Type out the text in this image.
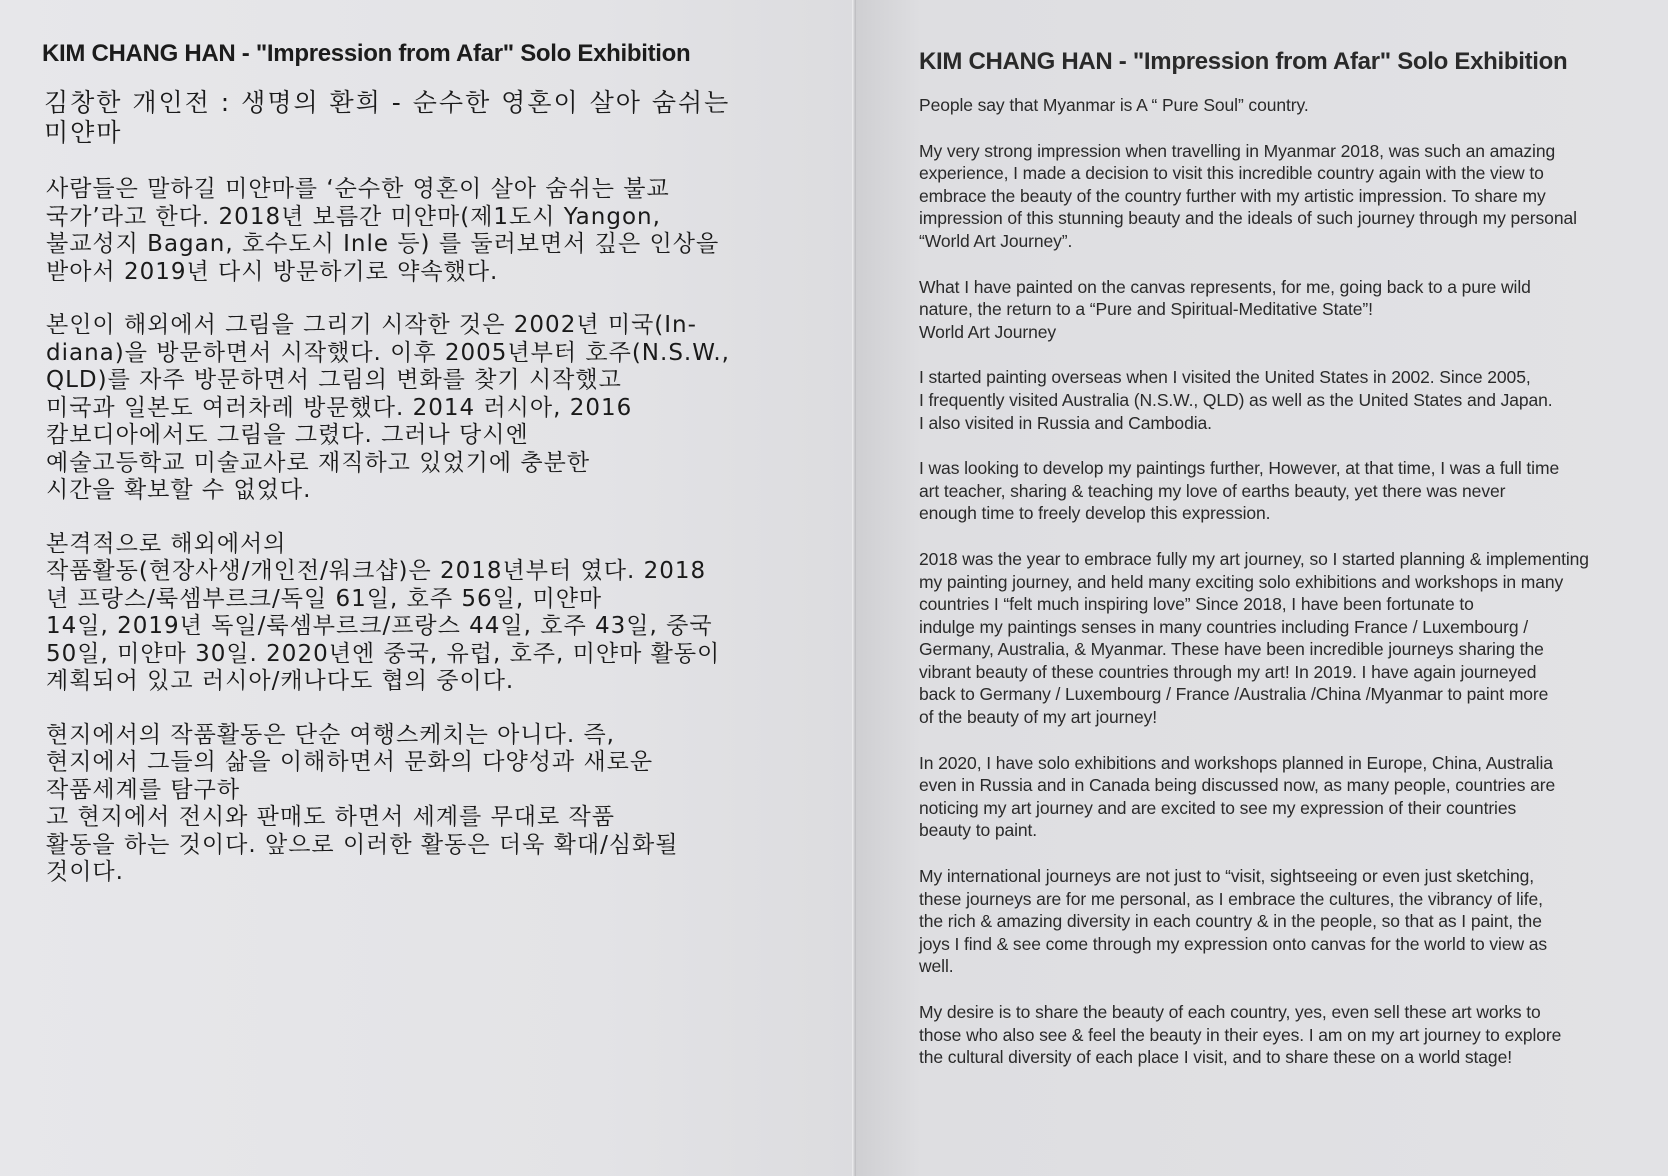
KIM CHANG HAN - "Impression from Afar" Solo Exhibition
김창한 개인전 : 생명의 환희 - 순수한 영혼이 살아 숨쉬는
미얀마
사람들은 말하길 미얀마를 ‘순수한 영혼이 살아 숨쉬는 불교
국가’라고 한다. 2018년 보름간 미얀마(제1도시 Yangon,
불교성지 Bagan, 호수도시 Inle 등) 를 둘러보면서 깊은 인상을
받아서 2019년 다시 방문하기로 약속했다.
본인이 해외에서 그림을 그리기 시작한 것은 2002년 미국(In-
diana)을 방문하면서 시작했다. 이후 2005년부터 호주(N.S.W.,
QLD)를 자주 방문하면서 그림의 변화를 찾기 시작했고
미국과 일본도 여러차레 방문했다. 2014 러시아, 2016
캄보디아에서도 그림을 그렸다. 그러나 당시엔
예술고등학교 미술교사로 재직하고 있었기에 충분한
시간을 확보할 수 없었다.
본격적으로 해외에서의
작품활동(현장사생/개인전/워크샵)은 2018년부터 였다. 2018
년 프랑스/룩셈부르크/독일 61일, 호주 56일, 미얀마
14일, 2019년 독일/룩셈부르크/프랑스 44일, 호주 43일, 중국
50일, 미얀마 30일. 2020년엔 중국, 유럽, 호주, 미얀마 활동이
계획되어 있고 러시아/캐나다도 협의 중이다.
현지에서의 작품활동은 단순 여행스케치는 아니다. 즉,
현지에서 그들의 삶을 이해하면서 문화의 다양성과 새로운
작품세계를 탐구하
고 현지에서 전시와 판매도 하면서 세계를 무대로 작품
활동을 하는 것이다. 앞으로 이러한 활동은 더욱 확대/심화될
것이다.
KIM CHANG HAN - "Impression from Afar" Solo Exhibition
People say that Myanmar is A “ Pure Soul” country.
My very strong impression when travelling in Myanmar 2018, was such an amazing
experience, I made a decision to visit this incredible country again with the view to
embrace the beauty of the country further with my artistic impression. To share my
impression of this stunning beauty and the ideals of such journey through my personal
“World Art Journey”.
What I have painted on the canvas represents, for me, going back to a pure wild
nature, the return to a “Pure and Spiritual-Meditative State”!
World Art Journey
I started painting overseas when I visited the United States in 2002. Since 2005,
I frequently visited Australia (N.S.W., QLD) as well as the United States and Japan.
I also visited in Russia and Cambodia.
I was looking to develop my paintings further, However, at that time, I was a full time
art teacher, sharing & teaching my love of earths beauty, yet there was never
enough time to freely develop this expression.
2018 was the year to embrace fully my art journey, so I started planning & implementing
my painting journey, and held many exciting solo exhibitions and workshops in many
countries I “felt much inspiring love” Since 2018, I have been fortunate to
indulge my paintings senses in many countries including France / Luxembourg /
Germany, Australia, & Myanmar. These have been incredible journeys sharing the
vibrant beauty of these countries through my art! In 2019. I have again journeyed
back to Germany / Luxembourg / France /Australia /China /Myanmar to paint more
of the beauty of my art journey!
In 2020, I have solo exhibitions and workshops planned in Europe, China, Australia
even in Russia and in Canada being discussed now, as many people, countries are
noticing my art journey and are excited to see my expression of their countries
beauty to paint.
My international journeys are not just to “visit, sightseeing or even just sketching,
these journeys are for me personal, as I embrace the cultures, the vibrancy of life,
the rich & amazing diversity in each country & in the people, so that as I paint, the
joys I find & see come through my expression onto canvas for the world to view as
well.
My desire is to share the beauty of each country, yes, even sell these art works to
those who also see & feel the beauty in their eyes. I am on my art journey to explore
the cultural diversity of each place I visit, and to share these on a world stage!
